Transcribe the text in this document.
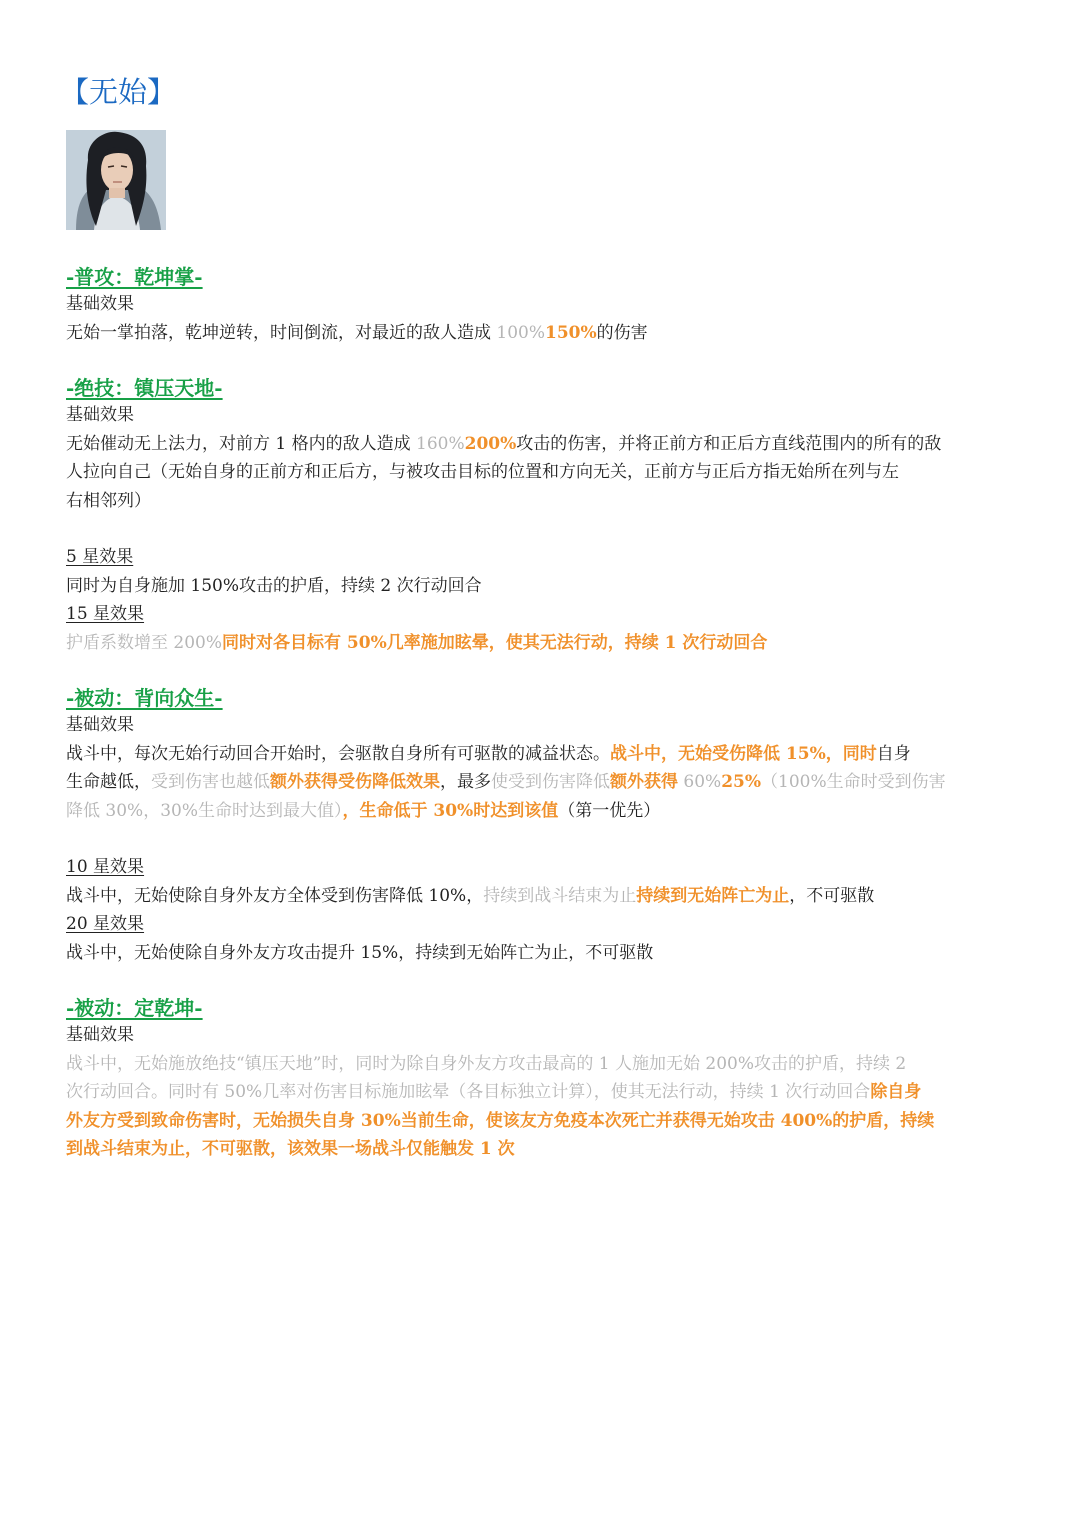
【无始】
-普攻：乾坤掌-

基础效果

无始一掌拍落，乾坤逆转，时间倒流，对最近的敌人造成 100%150%的伤害

-绝技：镇压天地-

基础效果

无始催动无上法力，对前方 1 格内的敌人造成 160%200%攻击的伤害，并将正前方和正后方直线范围内的所有的敌
人拉向自己（无始自身的正前方和正后方，与被攻击目标的位置和方向无关，正前方与正后方指无始所在列与左
右相邻列）

5 星效果

同时为自身施加 150%攻击的护盾，持续 2 次行动回合

15 星效果

护盾系数增至 200%同时对各目标有 50%几率施加眩晕，使其无法行动，持续 1 次行动回合

-被动：背向众生-

基础效果

战斗中，每次无始行动回合开始时，会驱散自身所有可驱散的减益状态。战斗中，无始受伤降低 15%，同时自身
生命越低，受到伤害也越低额外获得受伤降低效果，最多使受到伤害降低额外获得 60%25%（100%生命时受到伤害
降低 30%，30%生命时达到最大值），生命低于 30%时达到该值（第一优先）

10 星效果

战斗中，无始使除自身外友方全体受到伤害降低 10%，持续到战斗结束为止持续到无始阵亡为止，不可驱散

20 星效果

战斗中，无始使除自身外友方攻击提升 15%，持续到无始阵亡为止，不可驱散

-被动：定乾坤-

基础效果

战斗中，无始施放绝技“镇压天地”时，同时为除自身外友方攻击最高的 1 人施加无始 200%攻击的护盾，持续 2
次行动回合。同时有 50%几率对伤害目标施加眩晕（各目标独立计算），使其无法行动，持续 1 次行动回合除自身
外友方受到致命伤害时，无始损失自身 30%当前生命，使该友方免疫本次死亡并获得无始攻击 400%的护盾，持续
到战斗结束为止，不可驱散，该效果一场战斗仅能触发 1 次
